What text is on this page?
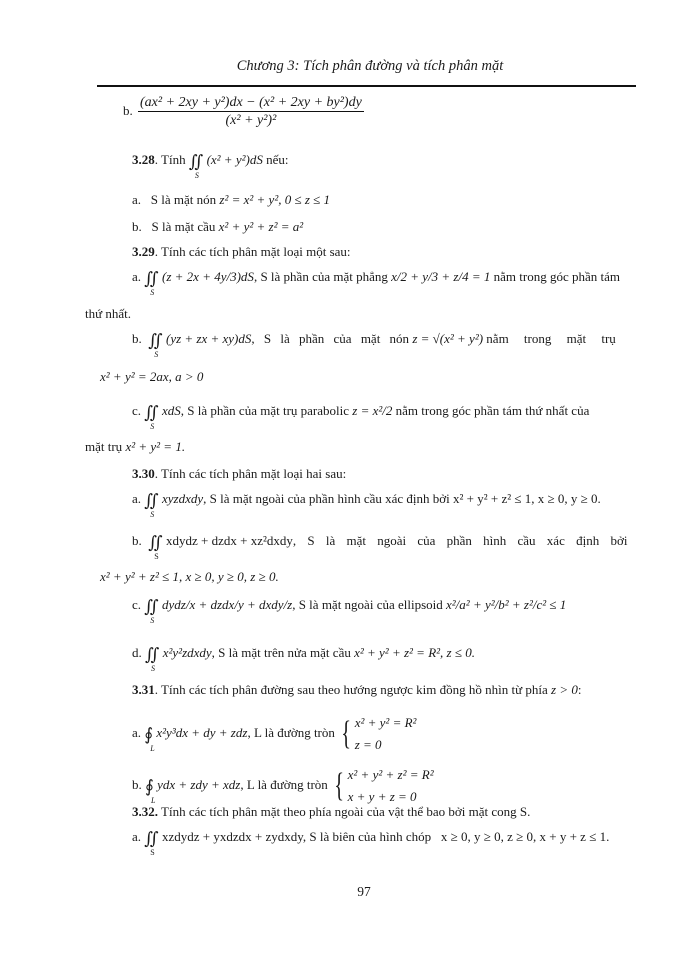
Chương 3: Tích phân đường và tích phân mặt
b. $\frac{\text{(ax² + 2xy + y²)dx − (x² + 2xy + by²)dy}}{\text{(x² + y²)²}}$
3.28. Tính ∬
S
(x² + y²)dS nếu:
a. S là mặt nón z² = x² + y², 0 ≤ z ≤ 1
b. S là mặt cầu x² + y² + z² = a²
3.29. Tính các tích phân mặt loại một sau:
a. ∬
S
(z + 2x + 4y/3)dS, S là phần của mặt phẳng x/2 + y/3 + z/4 = 1 nằm trong góc phần tám
thứ nhất.
b. ∬
S
(yz + zx + xy)dS, S là phần của mặt nón z = √(x² + y²) nằm trong mặt trụ
x² + y² = 2ax, a > 0
c. ∬
S
xdS, S là phần của mặt trụ parabolic z = x²/2 nằm trong góc phần tám thứ nhất của
mặt trụ x² + y² = 1.
3.30. Tính các tích phân mặt loại hai sau:
a. ∬
S
xyzdxdy, S là mặt ngoài của phần hình cầu xác định bởi x² + y² + z² ≤ 1, x ≥ 0, y ≥ 0.
b. ∬
S
xdydz + dzdx + xz²dxdy, S là mặt ngoài của phần hình cầu xác định bởi
x² + y² + z² ≤ 1, x ≥ 0, y ≥ 0, z ≥ 0.
c. ∬
S
dydz/x + dzdx/y + dxdy/z, S là mặt ngoài của ellipsoid x²/a² + y²/b² + z²/c² ≤ 1
d. ∬
S
x²y²zdxdy, S là mặt trên nửa mặt cầu x² + y² + z² = R², z ≤ 0.
3.31. Tính các tích phân đường sau theo hướng ngược kim đồng hồ nhìn từ phía z > 0:
a. ∮
L
x²y³dx + dy + zdz, L là đường tròn { x² + y² = R²
z = 0
b. ∮
L
ydx + zdy + xdz, L là đường tròn { x² + y² + z² = R²
x + y + z = 0
3.32. Tính các tích phân mặt theo phía ngoài của vật thể bao bởi mặt cong S.
a. ∬
S
xzdydz + yxdzdx + zydxdy, S là biên của hình chóp x ≥ 0, y ≥ 0, z ≥ 0, x + y + z ≤ 1.
97
